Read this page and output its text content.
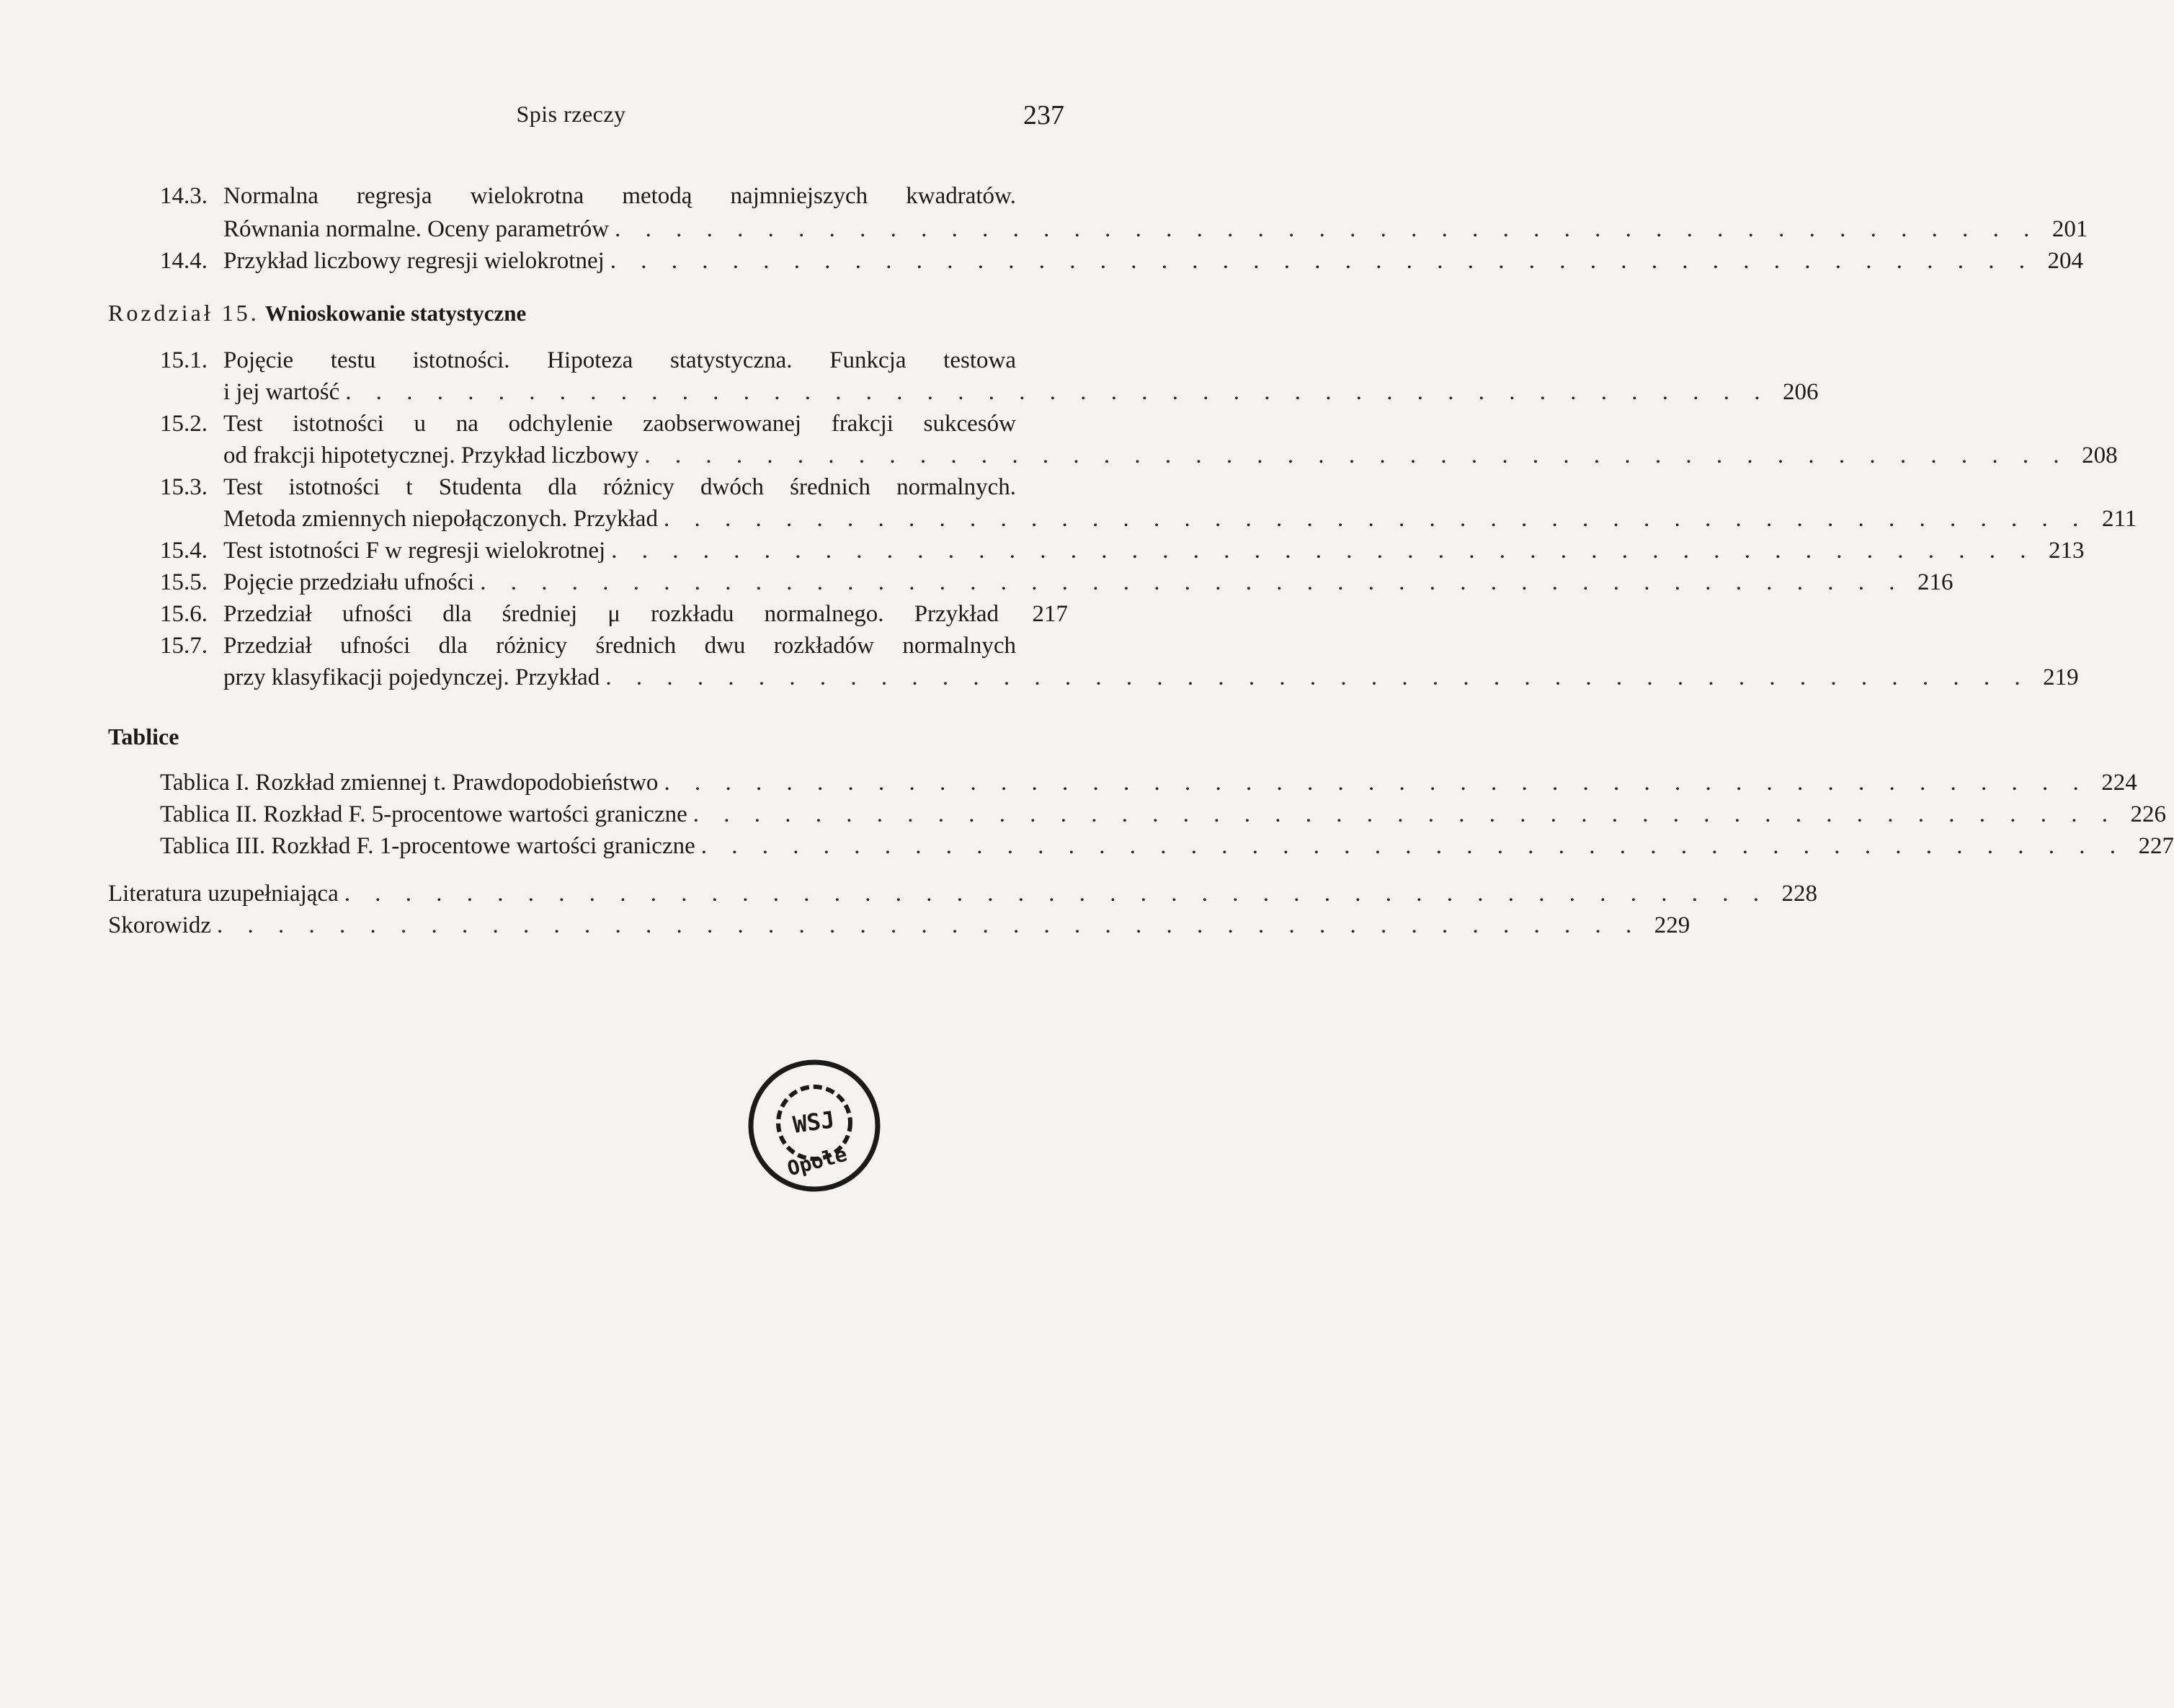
Spis rzeczy	237
14.3. Normalna regresja wielokrotna metodą najmniejszych kwadratów.
Równania normalne. Oceny parametrów . . . . . . . . . . . . . . . . . . . . . . . . . . . . . . . . . . . . . . . . . . . . . . . 201
14.4. Przykład liczbowy regresji wielokrotnej . . . . . . . . . . . . . . . . . . . . . . . . . . . . . . . . . . . . . . . . . . . . . . . 204
Rozdział 15. Wnioskowanie statystyczne
15.1. Pojęcie testu istotności. Hipoteza statystyczna. Funkcja testowa
i jej wartość . . . . . . . . . . . . . . . . . . . . . . . . . . . . . . . . . . . . . . . . . . . . . . . 206
15.2. Test istotności u na odchylenie zaobserwowanej frakcji sukcesów
od frakcji hipotetycznej. Przykład liczbowy . . . . . . . . . . . . . . . . . . . . . . . . . . . . . . . . . . . . . . . . . . . . . . . 208
15.3. Test istotności t Studenta dla różnicy dwóch średnich normalnych.
Metoda zmiennych niepołączonych. Przykład . . . . . . . . . . . . . . . . . . . . . . . . . . . . . . . . . . . . . . . . . . . . . . . 211
15.4. Test istotności F w regresji wielokrotnej . . . . . . . . . . . . . . . . . . . . . . . . . . . . . . . . . . . . . . . . . . . . . . . 213
15.5. Pojęcie przedziału ufności . . . . . . . . . . . . . . . . . . . . . . . . . . . . . . . . . . . . . . . . . . . . . . . 216
15.6. Przedział ufności dla średniej μ rozkładu normalnego. Przykład	217
15.7. Przedział ufności dla różnicy średnich dwu rozkładów normalnych
przy klasyfikacji pojedynczej. Przykład . . . . . . . . . . . . . . . . . . . . . . . . . . . . . . . . . . . . . . . . . . . . . . . 219
Tablice
Tablica I. Rozkład zmiennej t. Prawdopodobieństwo . . . . . . . . . . . . . . . . . . . . . . . . . . . . . . . . . . . . . . . . . . . . . . . 224
Tablica II. Rozkład F. 5-procentowe wartości graniczne . . . . . . . . . . . . . . . . . . . . . . . . . . . . . . . . . . . . . . . . . . . . . . . 226
Tablica III. Rozkład F. 1-procentowe wartości graniczne . . . . . . . . . . . . . . . . . . . . . . . . . . . . . . . . . . . . . . . . . . . . . . . 227
Literatura uzupełniająca . . . . . . . . . . . . . . . . . . . . . . . . . . . . . . . . . . . . . . . . . . . . . . . 228
Skorowidz . . . . . . . . . . . . . . . . . . . . . . . . . . . . . . . . . . . . . . . . . . . . . . . 229
WSJ
Opole
